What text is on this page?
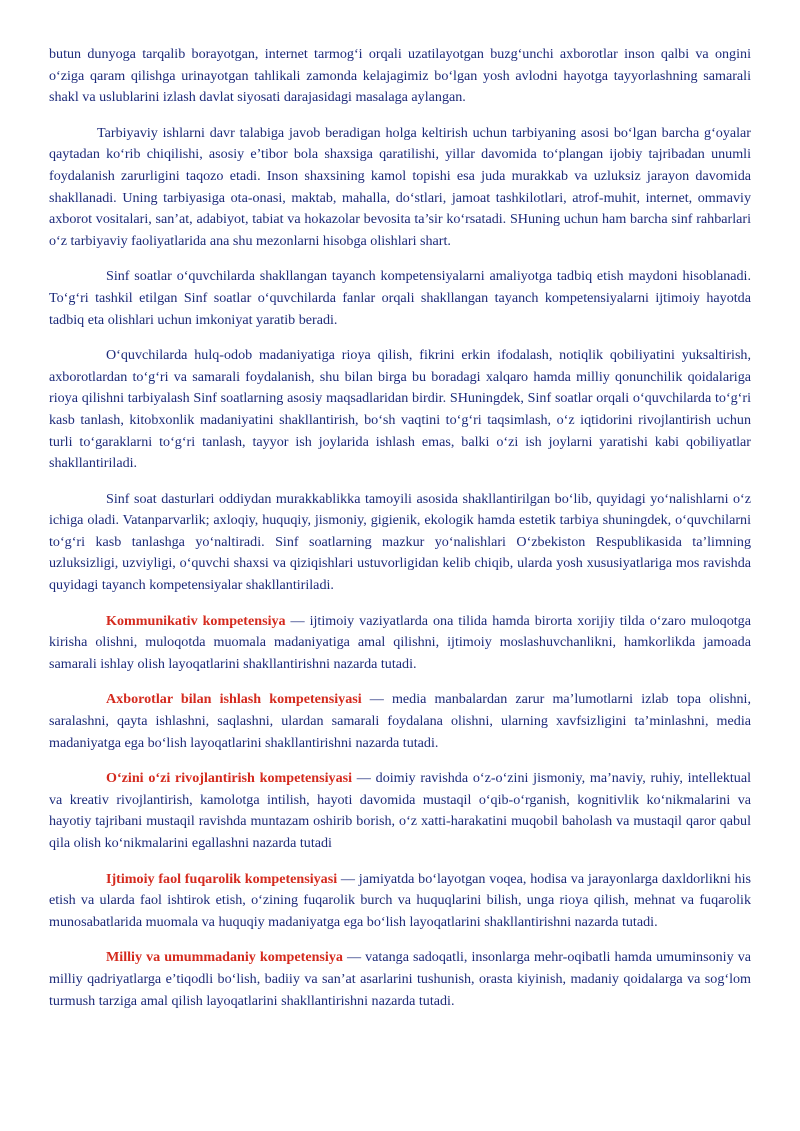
butun dunyoga tarqalib borayotgan, internet tarmog‘i orqali uzatilayotgan buzg‘unchi axborotlar inson qalbi va ongini o‘ziga qaram qilishga urinayotgan tahlikali zamonda kelajagimiz bo‘lgan yosh avlodni hayotga tayyorlashning samarali shakl va uslublarini izlash davlat siyosati darajasidagi masalaga aylangan.

Tarbiyaviy ishlarni davr talabiga javob beradigan holga keltirish uchun tarbiyaning asosi bo‘lgan barcha g‘oyalar qaytadan ko‘rib chiqilishi, asosiy e’tibor bola shaxsiga qaratilishi, yillar davomida to‘plangan ijobiy tajribadan unumli foydalanish zarurligini taqozo etadi. Inson shaxsining kamol topishi esa juda murakkab va uzluksiz jarayon davomida shakllanadi. Uning tarbiyasiga ota-onasi, maktab, mahalla, do‘stlari, jamoat tashkilotlari, atrof-muhit, internet, ommaviy axborot vositalari, san’at, adabiyot, tabiat va hokazolar bevosita ta’sir ko‘rsatadi. SHuning uchun ham barcha sinf rahbarlari o‘z tarbiyaviy faoliyatlarida ana shu mezonlarni hisobga olishlari shart.

Sinf soatlar o‘quvchilarda shakllangan tayanch kompetensiyalarni amaliyotga tadbiq etish maydoni hisoblanadi. To‘g‘ri tashkil etilgan Sinf soatlar o‘quvchilarda fanlar orqali shakllangan tayanch kompetensiyalarni ijtimoiy hayotda tadbiq eta olishlari uchun imkoniyat yaratib beradi.

O‘quvchilarda hulq-odob madaniyatiga rioya qilish, fikrini erkin ifodalash, notiqlik qobiliyatini yuksaltirish, axborotlardan to‘g‘ri va samarali foydalanish, shu bilan birga bu boradagi xalqaro hamda milliy qonunchilik qoidalariga rioya qilishni tarbiyalash Sinf soatlarning asosiy maqsadlaridan birdir. SHuningdek, Sinf soatlar orqali o‘quvchilarda to‘g‘ri kasb tanlash, kitobxonlik madaniyatini shakllantirish, bo‘sh vaqtini to‘g‘ri taqsimlash, o‘z iqtidorini rivojlantirish uchun turli to‘garaklarni to‘g‘ri tanlash, tayyor ish joylarida ishlash emas, balki o‘zi ish joylarni yaratishi kabi qobiliyatlar shakllantiriladi.

Sinf soat dasturlari oddiydan murakkablikka tamoyili asosida shakllantirilgan bo‘lib, quyidagi yo‘nalishlarni o‘z ichiga oladi. Vatanparvarlik; axloqiy, huquqiy, jismoniy, gigienik, ekologik hamda estetik tarbiya shuningdek, o‘quvchilarni to‘g‘ri kasb tanlashga yo‘naltiradi. Sinf soatlarning mazkur yo‘nalishlari O‘zbekiston Respublikasida ta’limning uzluksizligi, uzviyligi, o‘quvchi shaxsi va qiziqishlari ustuvorligidan kelib chiqib, ularda yosh xususiyatlariga mos ravishda quyidagi tayanch kompetensiyalar shakllantiriladi.

Kommunikativ kompetensiya — ijtimoiy vaziyatlarda ona tilida hamda birorta xorijiy tilda o‘zaro muloqotga kirisha olishni, muloqotda muomala madaniyatiga amal qilishni, ijtimoiy moslashuvchanlikni, hamkorlikda jamoada samarali ishlay olish layoqatlarini shakllantirishni nazarda tutadi.

Axborotlar bilan ishlash kompetensiyasi — media manbalardan zarur ma’lumotlarni izlab topa olishni, saralashni, qayta ishlashni, saqlashni, ulardan samarali foydalana olishni, ularning xavfsizligini ta’minlashni, media madaniyatga ega bo‘lish layoqatlarini shakllantirishni nazarda tutadi.

O‘zini o‘zi rivojlantirish kompetensiyasi — doimiy ravishda o‘z-o‘zini jismoniy, ma’naviy, ruhiy, intellektual va kreativ rivojlantirish, kamolotga intilish, hayoti davomida mustaqil o‘qib-o‘rganish, kognitivlik ko‘nikmalarini va hayotiy tajribani mustaqil ravishda muntazam oshirib borish, o‘z xatti-harakatini muqobil baholash va mustaqil qaror qabul qila olish ko‘nikmalarini egallashni nazarda tutadi

Ijtimoiy faol fuqarolik kompetensiyasi — jamiyatda bo‘layotgan voqea, hodisa va jarayonlarga daxldorlikni his etish va ularda faol ishtirok etish, o‘zining fuqarolik burch va huquqlarini bilish, unga rioya qilish, mehnat va fuqarolik munosabatlarida muomala va huquqiy madaniyatga ega bo‘lish layoqatlarini shakllantirishni nazarda tutadi.

Milliy va umummadaniy kompetensiya — vatanga sadoqatli, insonlarga mehr-oqibatli hamda umuminsoniy va milliy qadriyatlarga e’tiqodli bo‘lish, badiiy va san’at asarlarini tushunish, orasta kiyinish, madaniy qoidalarga va sog‘lom turmush tarziga amal qilish layoqatlarini shakllantirishni nazarda tutadi.
